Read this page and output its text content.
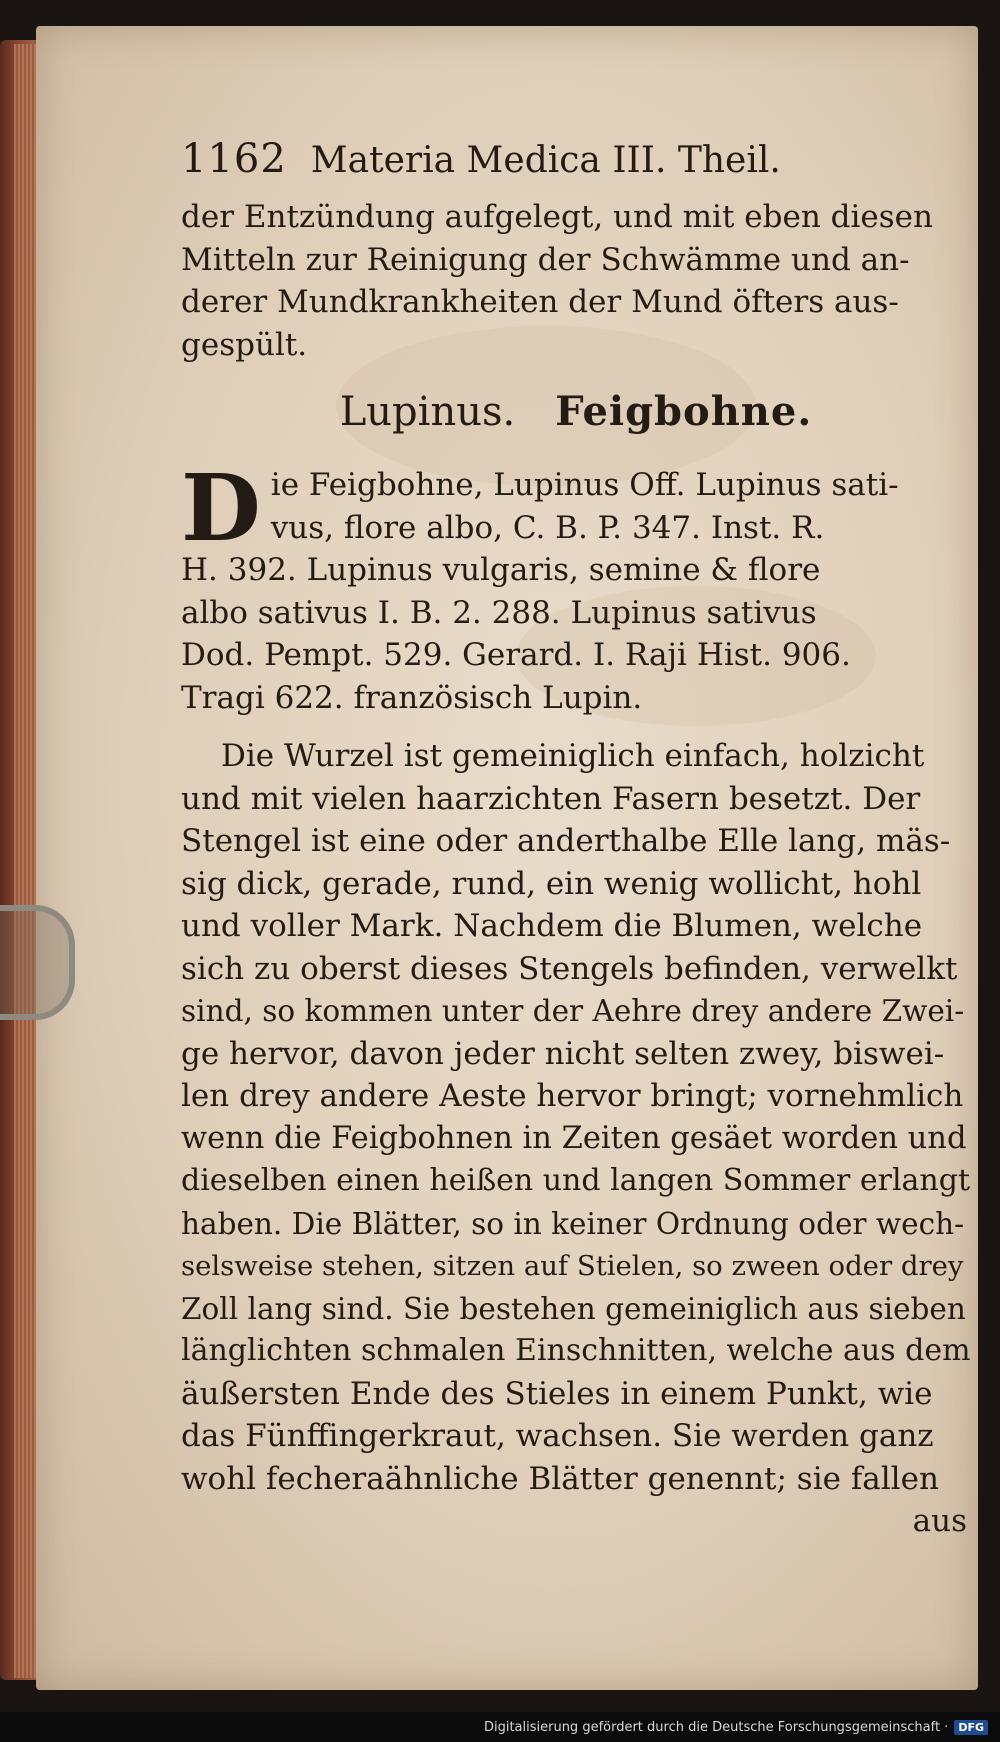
1162 Materia Medica III. Theil.

der Entzündung aufgelegt, und mit eben diesen
Mitteln zur Reinigung der Schwämme und an-
derer Mundkrankheiten der Mund öfters aus-
gespült.

Lupinus. Feigbohne.

D ie Feigbohne, Lupinus Off. Lupinus sati-
vus, flore albo, C. B. P. 347. Inst. R.
H. 392. Lupinus vulgaris, semine & flore
albo sativus I. B. 2. 288. Lupinus sativus
Dod. Pempt. 529. Gerard. I. Raji Hist. 906.
Tragi 622. französisch Lupin.

Die Wurzel ist gemeiniglich einfach, holzicht
und mit vielen haarzichten Fasern besetzt. Der
Stengel ist eine oder anderthalbe Elle lang, mäs-
sig dick, gerade, rund, ein wenig wollicht, hohl
und voller Mark. Nachdem die Blumen, welche
sich zu oberst dieses Stengels befinden, verwelkt
sind, so kommen unter der Aehre drey andere Zwei-
ge hervor, davon jeder nicht selten zwey, biswei-
len drey andere Aeste hervor bringt; vornehmlich
wenn die Feigbohnen in Zeiten gesäet worden und
dieselben einen heißen und langen Sommer erlangt
haben. Die Blätter, so in keiner Ordnung oder wech-
selsweise stehen, sitzen auf Stielen, so zween oder drey
Zoll lang sind. Sie bestehen gemeiniglich aus sieben
länglichten schmalen Einschnitten, welche aus dem
äußersten Ende des Stieles in einem Punkt, wie
das Fünffingerkraut, wachsen. Sie werden ganz
wohl fecheraähnliche Blätter genennt; sie fallen

aus
Digitalisierung gefördert durch die Deutsche Forschungsgemeinschaft · DFG
